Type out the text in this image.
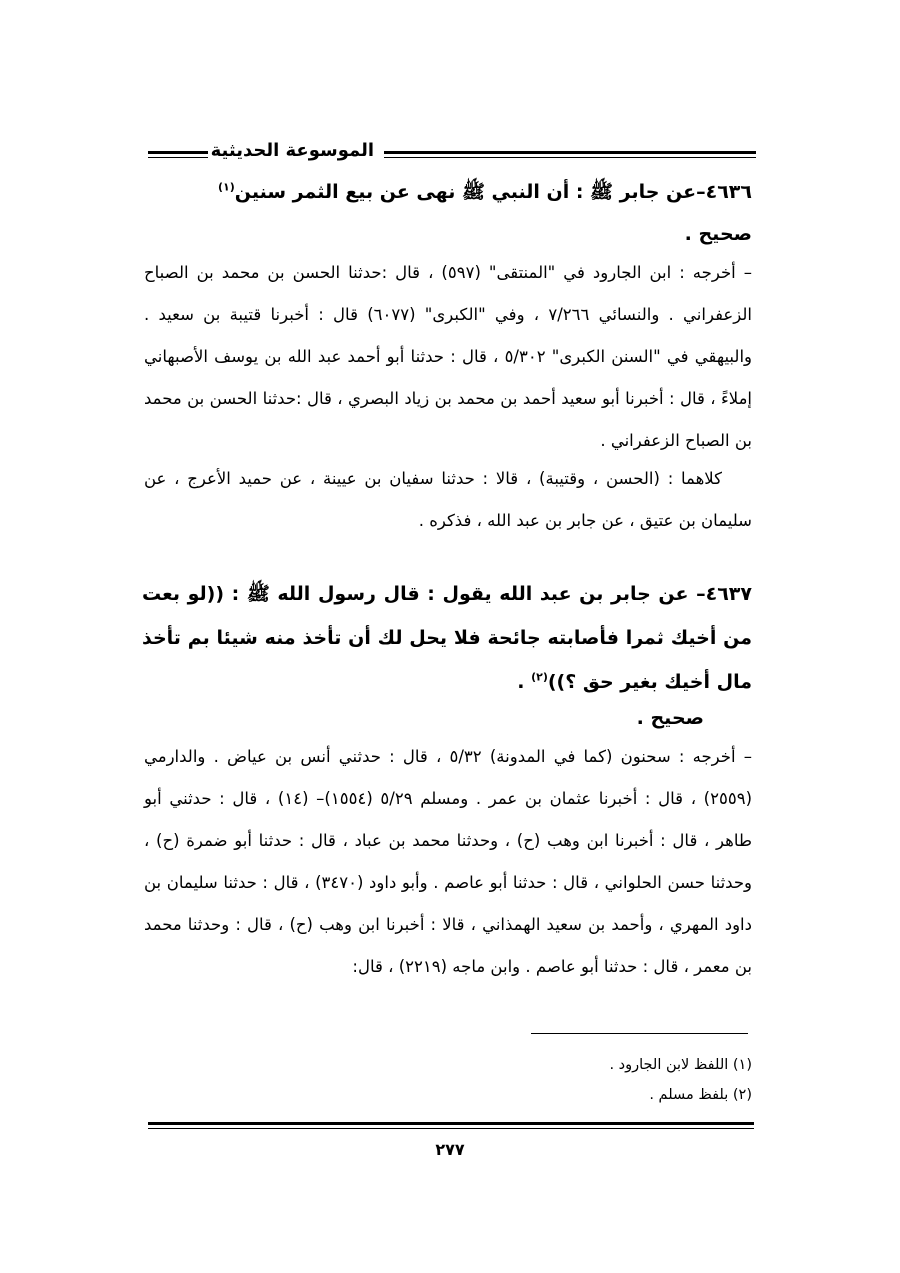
الموسوعة الحديثية
٤٦٣٦–عن جابر ﷺ : أن النبي ﷺ نهى عن بيع الثمر سنين$^{(١)}$
صحيح .
– أخرجه : ابن الجارود في "المنتقى" (٥٩٧) ، قال :حدثنا الحسن بن محمد بن الصباح الزعفراني . والنسائي ٧/٢٦٦ ، وفي "الكبرى" (٦٠٧٧) قال : أخبرنا قتيبة بن سعيد . والبيهقي في "السنن الكبرى" ٥/٣٠٢ ، قال : حدثنا أبو أحمد عبد الله بن يوسف الأصبهاني إملاءً ، قال : أخبرنا أبو سعيد أحمد بن محمد بن زياد البصري ، قال :حدثنا الحسن بن محمد بن الصباح الزعفراني .
كلاهما : (الحسن ، وقتيبة) ، قالا : حدثنا سفيان بن عيينة ، عن حميد الأعرج ، عن سليمان بن عتيق ، عن جابر بن عبد الله ، فذكره .
٤٦٣٧– عن جابر بن عبد الله يقول : قال رسول الله ﷺ : ((لو بعت من أخيك ثمرا فأصابته جائحة فلا يحل لك أن تأخذ منه شيئا بم تأخذ مال أخيك بغير حق ؟))$^{(٢)}$ .
صحيح .
– أخرجه : سحنون (كما في المدونة) ٥/٣٢ ، قال : حدثني أنس بن عياض . والدارمي (٢٥٥٩) ، قال : أخبرنا عثمان بن عمر . ومسلم ٥/٢٩ (١٥٥٤)– (١٤) ، قال : حدثني أبو طاهر ، قال : أخبرنا ابن وهب (ح) ، وحدثنا محمد بن عباد ، قال : حدثنا أبو ضمرة (ح) ، وحدثنا حسن الحلواني ، قال : حدثنا أبو عاصم . وأبو داود (٣٤٧٠) ، قال : حدثنا سليمان بن داود المهري ، وأحمد بن سعيد الهمذاني ، قالا : أخبرنا ابن وهب (ح) ، قال : وحدثنا محمد بن معمر ، قال : حدثنا أبو عاصم . وابن ماجه (٢٢١٩) ، قال:
(١) اللفظ لابن الجارود .
(٢) بلفظ مسلم .
٢٧٧
